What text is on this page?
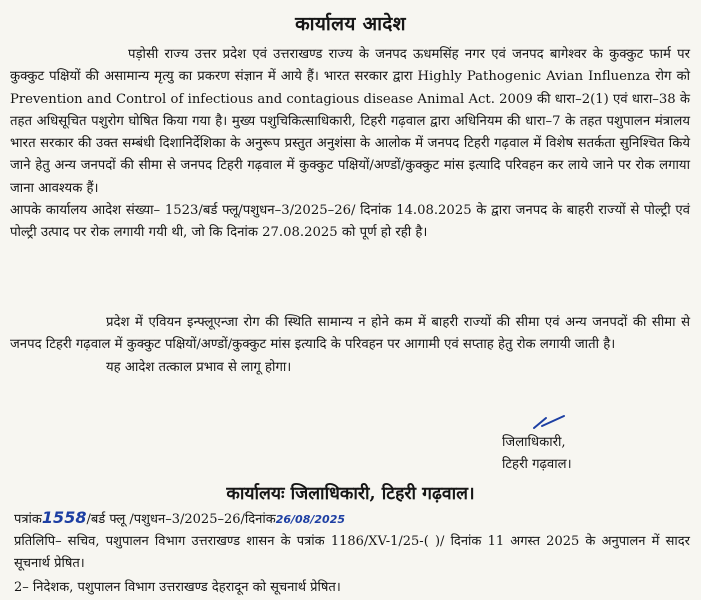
कार्यालय आदेश

पड़ोसी राज्य उत्तर प्रदेश एवं उत्तराखण्ड राज्य के जनपद ऊधमसिंह नगर एवं जनपद बागेश्वर के कुक्कुट फार्म पर कुक्कुट पक्षियों की असामान्य मृत्यु का प्रकरण संज्ञान में आये हैं। भारत सरकार द्वारा Highly Pathogenic Avian Influenza रोग को Prevention and Control of infectious and contagious disease Animal Act. 2009 की धारा–2(1) एवं धारा–38 के तहत अधिसूचित पशुरोग घोषित किया गया है। मुख्य पशुचिकित्साधिकारी, टिहरी गढ़वाल द्वारा अधिनियम की धारा–7 के तहत पशुपालन मंत्रालय भारत सरकार की उक्त सम्बंधी दिशानिर्देशिका के अनुरूप प्रस्तुत अनुशंसा के आलोक में जनपद टिहरी गढ़वाल में विशेष सतर्कता सुनिश्चित किये जाने हेतु अन्य जनपदों की सीमा से जनपद टिहरी गढ़वाल में कुक्कुट पक्षियों/अण्डों/कुक्कुट मांस इत्यादि परिवहन कर लाये जाने पर रोक लगाया जाना आवश्यक हैं।

आपके कार्यालय आदेश संख्या– 1523/बर्ड फ्लू/पशुधन–3/2025–26/ दिनांक 14.08.2025 के द्वारा जनपद के बाहरी राज्यों से पोल्ट्री एवं पोल्ट्री उत्पाद पर रोक लगायी गयी थी, जो कि दिनांक 27.08.2025 को पूर्ण हो रही है।

प्रदेश में एवियन इन्फ्लूएन्जा रोग की स्थिति सामान्य न होने कम में बाहरी राज्यों की सीमा एवं अन्य जनपदों की सीमा से जनपद टिहरी गढ़वाल में कुक्कुट पक्षियों/अण्डों/कुक्कुट मांस इत्यादि के परिवहन पर आगामी एवं सप्ताह हेतु रोक लगायी जाती है।

यह आदेश तत्काल प्रभाव से लागू होगा।

जिलाधिकारी,
टिहरी गढ़वाल।
कार्यालयः जिलाधिकारी, टिहरी गढ़वाल।
पत्रांक1558/बर्ड फ्लू /पशुधन–3/2025–26/दिनांक26/08/2025

प्रतिलिपि– सचिव, पशुपालन विभाग उत्तराखण्ड शासन के पत्रांक 1186/XV-1/25-( )/ दिनांक 11 अगस्त 2025 के अनुपालन में सादर सूचनार्थ प्रेषित।

2– निदेशक, पशुपालन विभाग उत्तराखण्ड देहरादून को सूचनार्थ प्रेषित।
